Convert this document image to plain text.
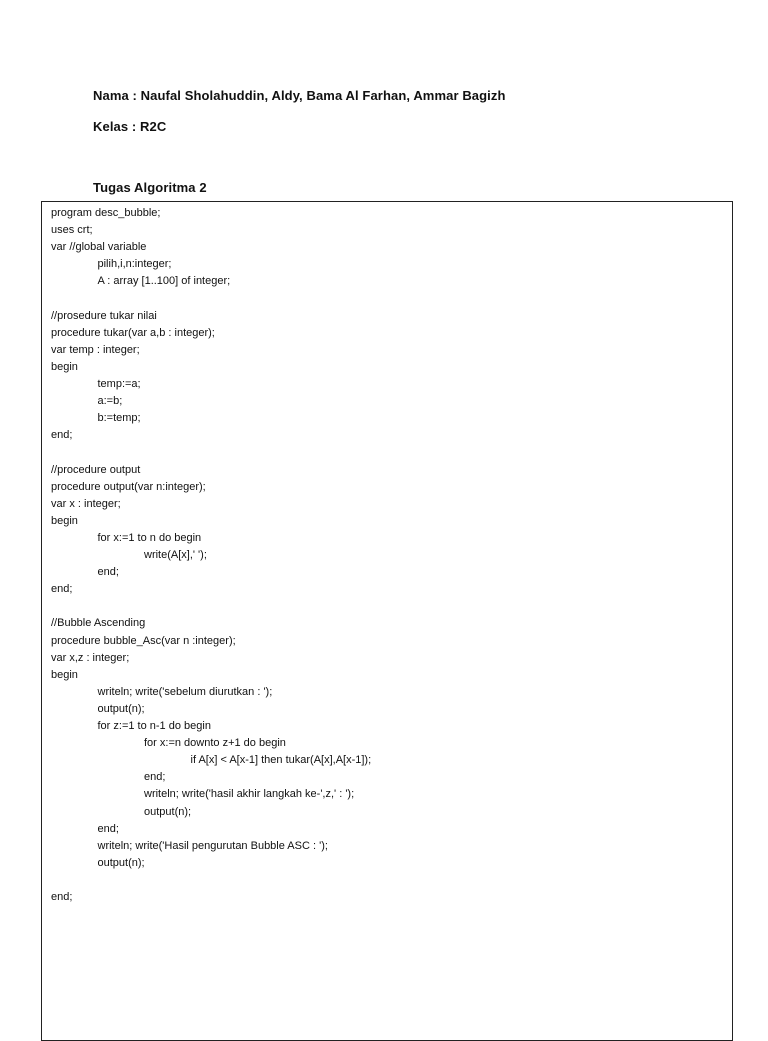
Nama : Naufal Sholahuddin, Aldy, Bama Al Farhan, Ammar Bagizh
Kelas : R2C
Tugas Algoritma 2
program desc_bubble;
uses crt;
var //global variable
pilih,i,n:integer;
A : array [1..100] of integer;
//prosedure tukar nilai
procedure tukar(var a,b : integer);
var temp : integer;
begin
temp:=a;
a:=b;
b:=temp;
end;
//procedure output
procedure output(var n:integer);
var x : integer;
begin
for x:=1 to n do begin
write(A[x],' ');
end;
end;
//Bubble Ascending
procedure bubble_Asc(var n :integer);
var x,z : integer;
begin
writeln; write('sebelum diurutkan : ');
output(n);
for z:=1 to n-1 do begin
for x:=n downto z+1 do begin
if A[x] < A[x-1] then tukar(A[x],A[x-1]);
end;
writeln; write('hasil akhir langkah ke-',z,' : ');
output(n);
end;
writeln; write('Hasil pengurutan Bubble ASC : ');
output(n);
end;
